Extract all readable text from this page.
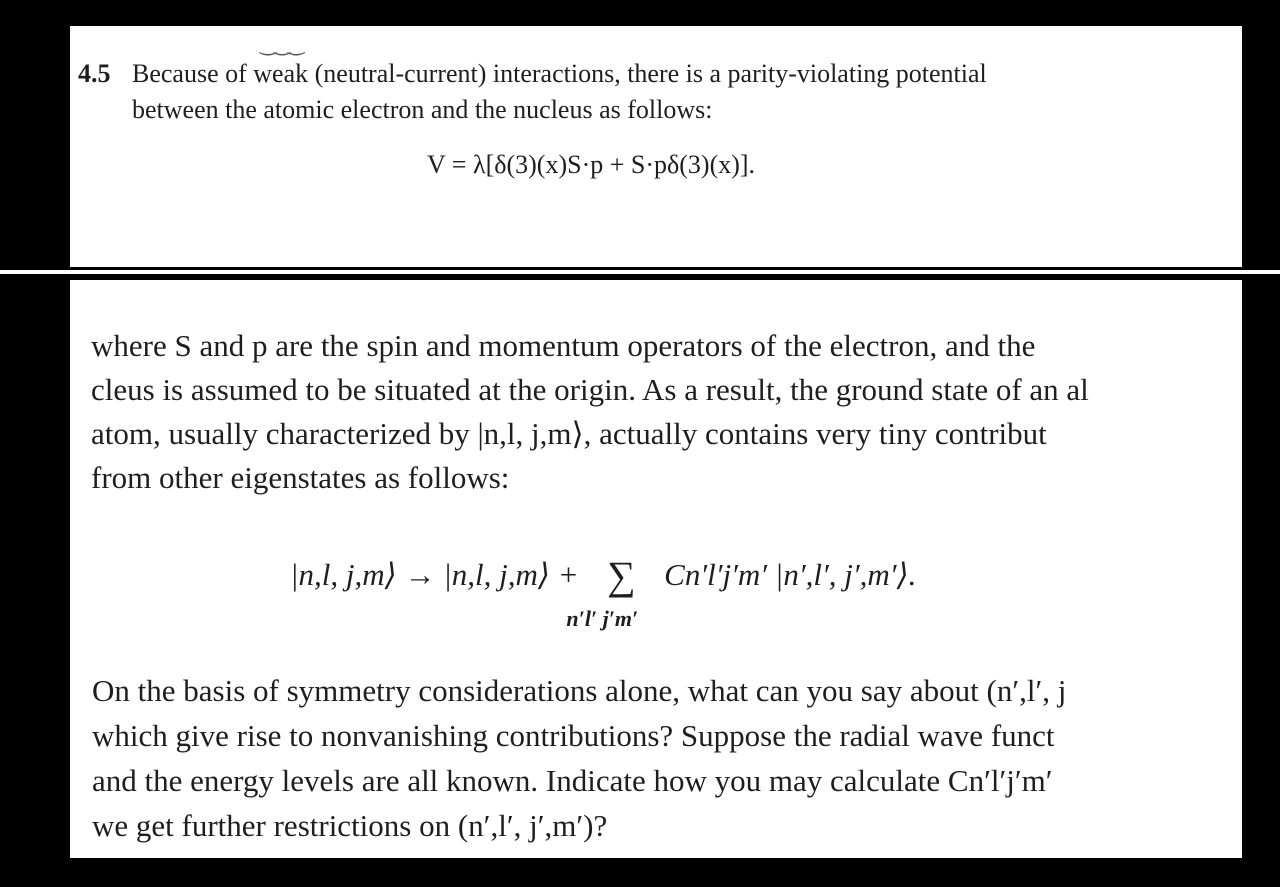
‿‿‿
4.5 Because of weak (neutral-current) interactions, there is a parity-violating potential
between the atomic electron and the nucleus as follows:
V = λ[δ(3)(x)S·p + S·pδ(3)(x)].
where S and p are the spin and momentum operators of the electron, and the
cleus is assumed to be situated at the origin. As a result, the ground state of an al
atom, usually characterized by |n,l, j,m⟩, actually contains very tiny contribut
from other eigenstates as follows:
|n,l, j,m⟩ → |n,l, j,m⟩ + ∑
n′l′ j′m′
Cn′l′j′m′ |n′,l′, j′,m′⟩.
On the basis of symmetry considerations alone, what can you say about (n′,l′, j
which give rise to nonvanishing contributions? Suppose the radial wave funct
and the energy levels are all known. Indicate how you may calculate Cn′l′j′m′
we get further restrictions on (n′,l′, j′,m′)?
